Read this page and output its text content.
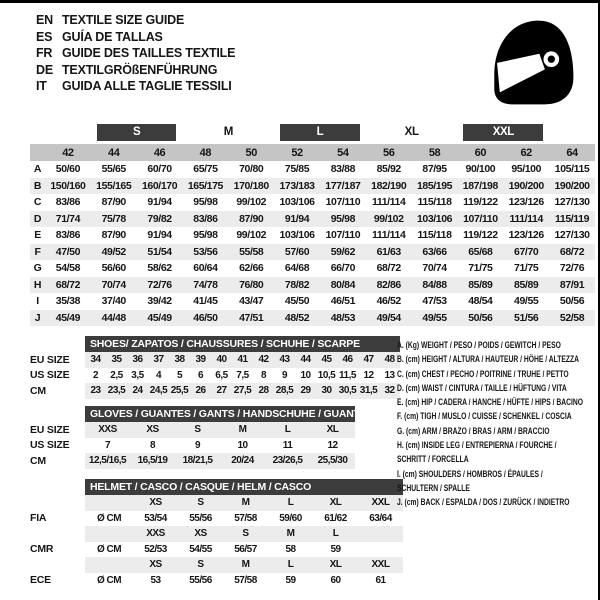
EN TEXTILE SIZE GUIDE
ES GUÍA DE TALLAS
FR GUIDE DES TAILLES TEXTILE
DE TEXTILGRÖßENFÜHRUNG
IT	GUIDA ALLE TAGLIE TESSILI

		S		M		L		XL		XXL		

	42	44	46	48	50	52	54	56	58	60	62	64
A	50/60	55/65	60/70	65/75	70/80	75/85	83/88	85/92	87/95	90/100	95/100	105/115
B	150/160	155/165	160/170	165/175	170/180	173/183	177/187	182/190	185/195	187/198	190/200	190/200
C	83/86	87/90	91/94	95/98	99/102	103/106	107/110	111/114	115/118	119/122	123/126	127/130
D	71/74	75/78	79/82	83/86	87/90	91/94	95/98	99/102	103/106	107/110	111/114	115/119
E	83/86	87/90	91/94	95/98	99/102	103/106	107/110	111/114	115/118	119/122	123/126	127/130
F	47/50	49/52	51/54	53/56	55/58	57/60	59/62	61/63	63/66	65/68	67/70	68/72
G	54/58	56/60	58/62	60/64	62/66	64/68	66/70	68/72	70/74	71/75	71/75	72/76
H	68/72	70/74	72/76	74/78	76/80	78/82	80/84	82/86	84/88	85/89	85/89	87/91
I	35/38	37/40	39/42	41/45	43/47	45/50	46/51	46/52	47/53	48/54	49/55	50/56
J	45/49	44/48	45/49	46/50	47/51	48/52	48/53	49/54	49/55	50/56	51/56	52/58
	SHOES/ ZAPATOS / CHAUSSURES / SCHUHE / SCARPE														
EU SIZE	34	35	36	37	38	39	40	41	42	43	44	45	46	47	48
US SIZE	2	2,5	3,5	4	5	6	6,5	7,5	8	9	10	10,5	11,5	12	13
CM	23	23,5	24	24,5	25,5	26	27	27,5	28	28,5	29	30	30,5	31,5	32
	GLOVES / GUANTES / GANTS / HANDSCHUHE / GUANTI					
EU SIZE	XXS	XS	S	M	L	XL
US SIZE	7	8	9	10	11	12
CM	12,5/16,5	16,5/19	18/21,5	20/24	23/26,5	25,5/30
	HELMET / CASCO / CASQUE / HELM / CASCO						
		XS	S	M	L	XL	XXL
FIA	Ø CM	53/54	55/56	57/58	59/60	61/62	63/64
		XXS	XS	S	M	L	
CMR	Ø CM	52/53	54/55	56/57	58	59	
		XS	S	M	L	XL	XXL
ECE	Ø CM	53	55/56	57/58	59	60	61
A. (Kg) WEIGHT / PESO / POIDS / GEWITCH / PESO
B. (cm) HEIGHT / ALTURA / HAUTEUR / HÖHE / ALTEZZA
C. (cm) CHEST / PECHO / POITRINE / TRUHE / PETTO
D. (cm) WAIST / CINTURA / TAILLE / HÜFTUNG / VITA
E. (cm) HIP / CADERA / HANCHE / HÜFTE / HIPS / BACINO
F. (cm) TIGH / MUSLO / CUISSE / SCHENKEL / COSCIA
G. (cm) ARM / BRAZO / BRAS / ARM / BRACCIO
H. (cm) INSIDE LEG / ENTREPIERNA / FOURCHE /
SCHRITT / FORCELLA
I. (cm) SHOULDERS / HOMBROS / ÉPAULES /
SCHULTERN / SPALLE
J. (cm) BACK / ESPALDA / DOS / ZURÜCK / INDIETRO
